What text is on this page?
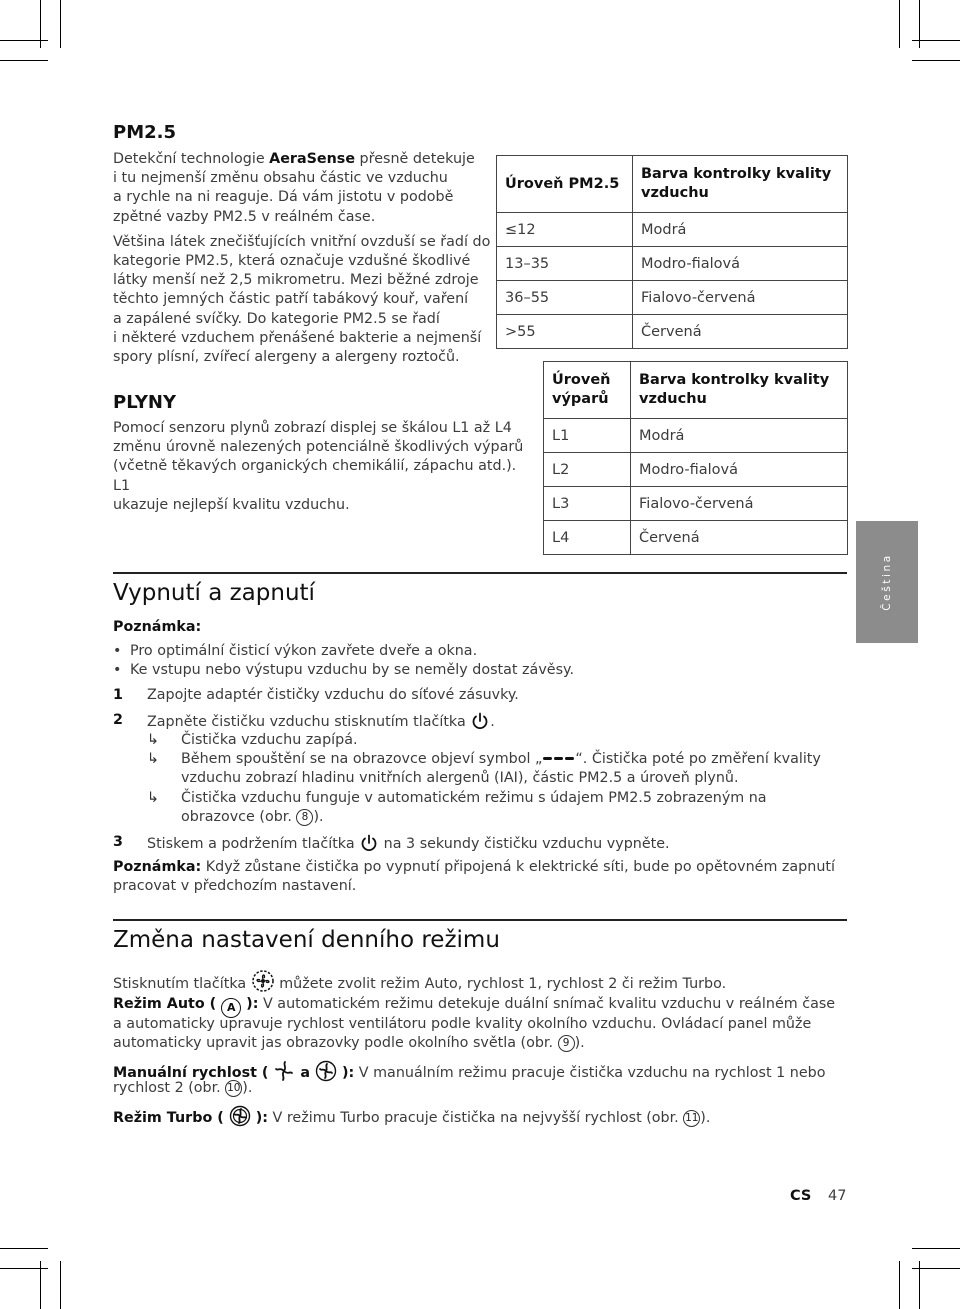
PM2.5

Detekční technologie AeraSense přesně detekuje
i tu nejmenší změnu obsahu částic ve vzduchu
a rychle na ni reaguje. Dá vám jistotu v podobě
zpětné vazby PM2.5 v reálném čase.

Většina látek znečišťujících vnitřní ovzduší se řadí do
kategorie PM2.5, která označuje vzdušné škodlivé
látky menší než 2,5 mikrometru. Mezi běžné zdroje
těchto jemných částic patří tabákový kouř, vaření
a zapálené svíčky. Do kategorie PM2.5 se řadí
i některé vzduchem přenášené bakterie a nejmenší
spory plísní, zvířecí alergeny a alergeny roztočů.

Úroveň PM2.5	Barva kontrolky kvality vzduchu
≤12	Modrá
13–35	Modro-fialová
36–55	Fialovo-červená
>55	Červená
PLYNY

Pomocí senzoru plynů zobrazí displej se škálou L1 až L4
změnu úrovně nalezených potenciálně škodlivých výparů
(včetně těkavých organických chemikálií, zápachu atd.). L1
ukazuje nejlepší kvalitu vzduchu.

Úroveň výparů	Barva kontrolky kvality vzduchu
L1	Modrá
L2	Modro-fialová
L3	Fialovo-červená
L4	Červená
Čeština
Vypnutí a zapnutí
Poznámka:
• Pro optimální čisticí výkon zavřete dveře a okna.
• Ke vstupu nebo výstupu vzduchu by se neměly dostat závěsy.
1 Zapojte adaptér čističky vzduchu do síťové zásuvky.
2 Zapněte čističku vzduchu stisknutím tlačítka .
↳ Čistička vzduchu zapípá.
↳ Během spouštění se na obrazovce objeví symbol „ “. Čistička poté po změření kvality
vzduchu zobrazí hladinu vnitřních alergenů (IAI), částic PM2.5 a úroveň plynů.
↳ Čistička vzduchu funguje v automatickém režimu s údajem PM2.5 zobrazeným na
obrazovce (obr. 8 ).
3 Stiskem a podržením tlačítka  na 3 sekundy čističku vzduchu vypněte.
Poznámka: Když zůstane čistička po vypnutí připojená k elektrické síti, bude po opětovném zapnutí
pracovat v předchozím nastavení.
Změna nastavení denního režimu
Stisknutím tlačítka  můžete zvolit režim Auto, rychlost 1, rychlost 2 či režim Turbo.
Režim Auto ( A ): V automatickém režimu detekuje duální snímač kvalitu vzduchu v reálném čase
a automaticky upravuje rychlost ventilátoru podle kvality okolního vzduchu. Ovládací panel může
automaticky upravit jas obrazovky podle okolního světla (obr. 9 ).
Manuální rychlost (  a  ): V manuálním režimu pracuje čistička vzduchu na rychlost 1 nebo
rychlost 2 (obr. 10 ).
Režim Turbo (  ): V režimu Turbo pracuje čistička na nejvyšší rychlost (obr. 11 ).
CS 47
